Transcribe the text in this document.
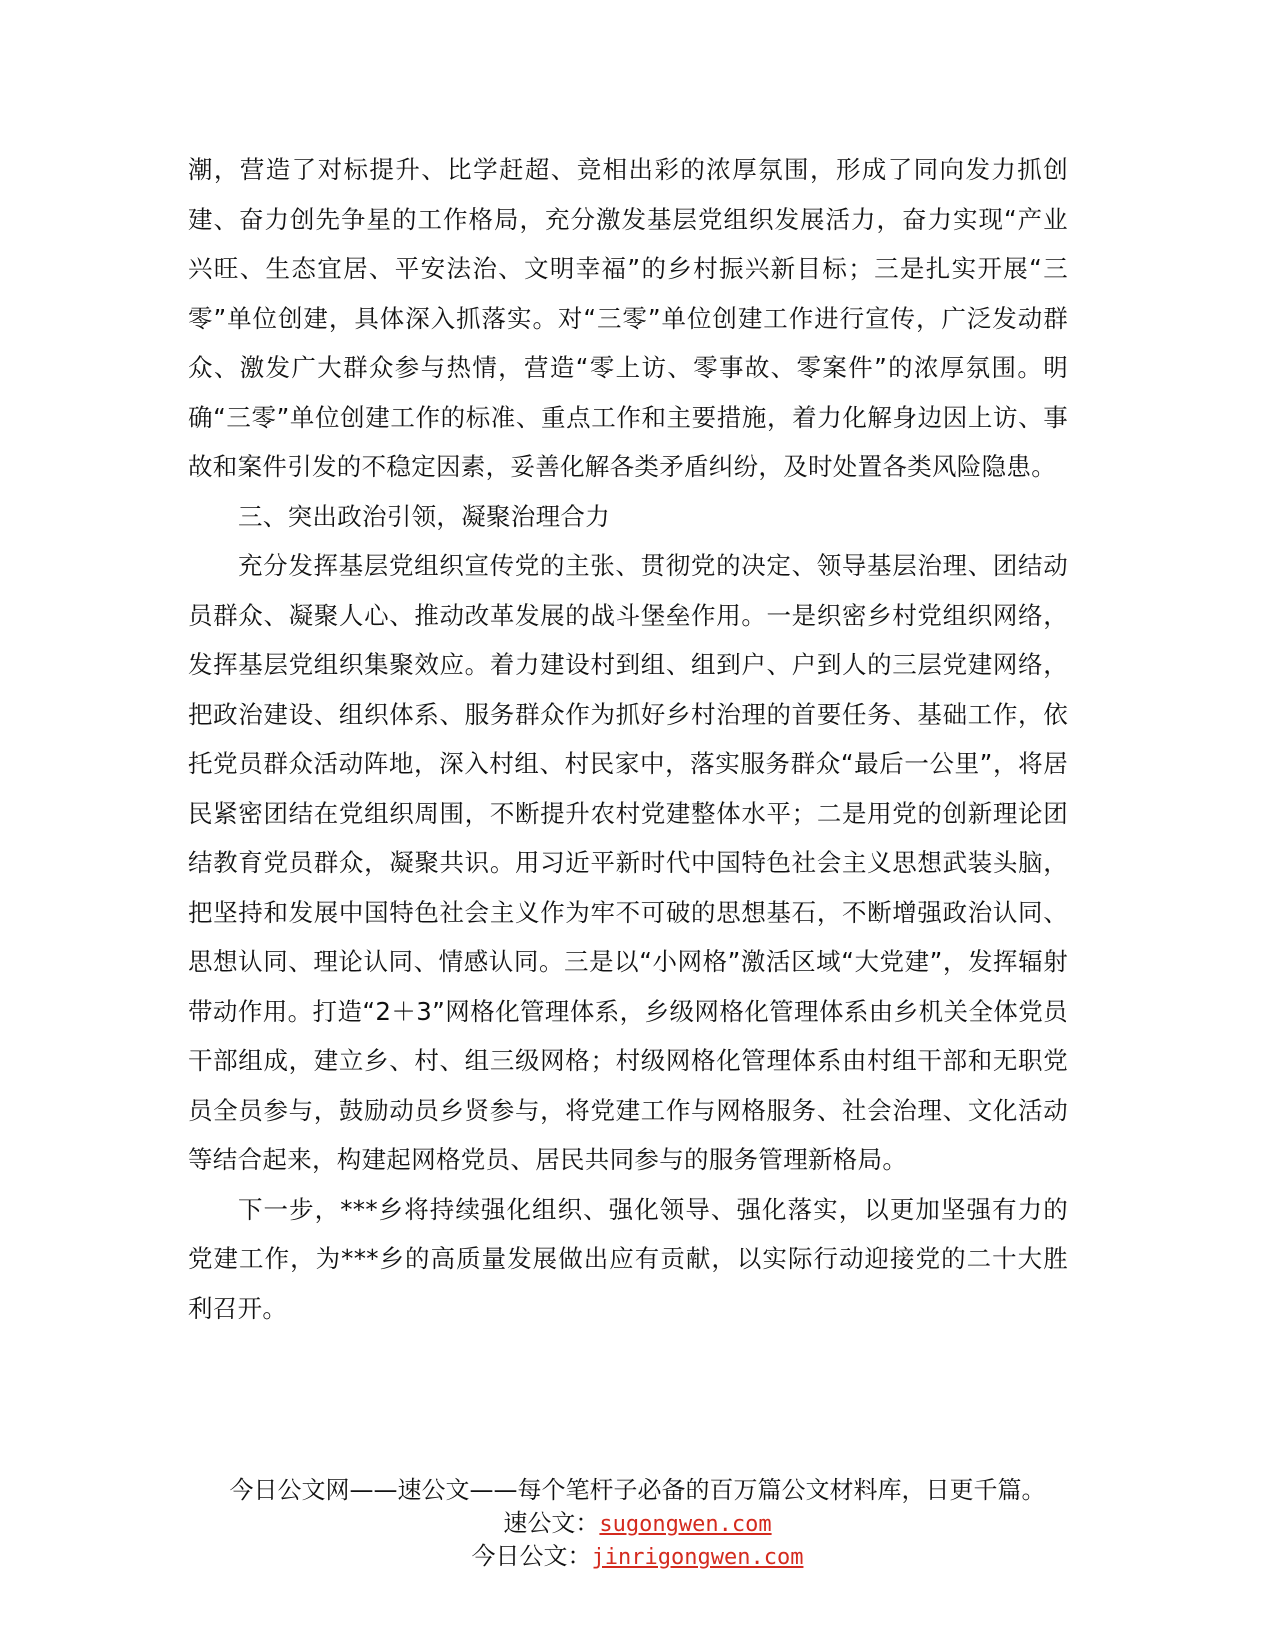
潮，营造了对标提升、比学赶超、竞相出彩的浓厚氛围，形成了同向发力抓创建、奋力创先争星的工作格局，充分激发基层党组织发展活力，奋力实现“产业兴旺、生态宜居、平安法治、文明幸福”的乡村振兴新目标；三是扎实开展“三零”单位创建，具体深入抓落实。对“三零”单位创建工作进行宣传，广泛发动群众、激发广大群众参与热情，营造“零上访、零事故、零案件”的浓厚氛围。明确“三零”单位创建工作的标准、重点工作和主要措施，着力化解身边因上访、事故和案件引发的不稳定因素，妥善化解各类矛盾纠纷，及时处置各类风险隐患。

三、突出政治引领，凝聚治理合力

充分发挥基层党组织宣传党的主张、贯彻党的决定、领导基层治理、团结动员群众、凝聚人心、推动改革发展的战斗堡垒作用。一是织密乡村党组织网络，发挥基层党组织集聚效应。着力建设村到组、组到户、户到人的三层党建网络，把政治建设、组织体系、服务群众作为抓好乡村治理的首要任务、基础工作，依托党员群众活动阵地，深入村组、村民家中，落实服务群众“最后一公里”，将居民紧密团结在党组织周围，不断提升农村党建整体水平；二是用党的创新理论团结教育党员群众，凝聚共识。用习近平新时代中国特色社会主义思想武装头脑，把坚持和发展中国特色社会主义作为牢不可破的思想基石，不断增强政治认同、思想认同、理论认同、情感认同。三是以“小网格”激活区域“大党建”，发挥辐射带动作用。打造“2＋3”网格化管理体系，乡级网格化管理体系由乡机关全体党员干部组成，建立乡、村、组三级网格；村级网格化管理体系由村组干部和无职党员全员参与，鼓励动员乡贤参与，将党建工作与网格服务、社会治理、文化活动等结合起来，构建起网格党员、居民共同参与的服务管理新格局。

下一步，***乡将持续强化组织、强化领导、强化落实，以更加坚强有力的党建工作，为***乡的高质量发展做出应有贡献，以实际行动迎接党的二十大胜利召开。

今日公文网——速公文——每个笔杆子必备的百万篇公文材料库，日更千篇。
速公文：sugongwen.com
今日公文：jinrigongwen.com
